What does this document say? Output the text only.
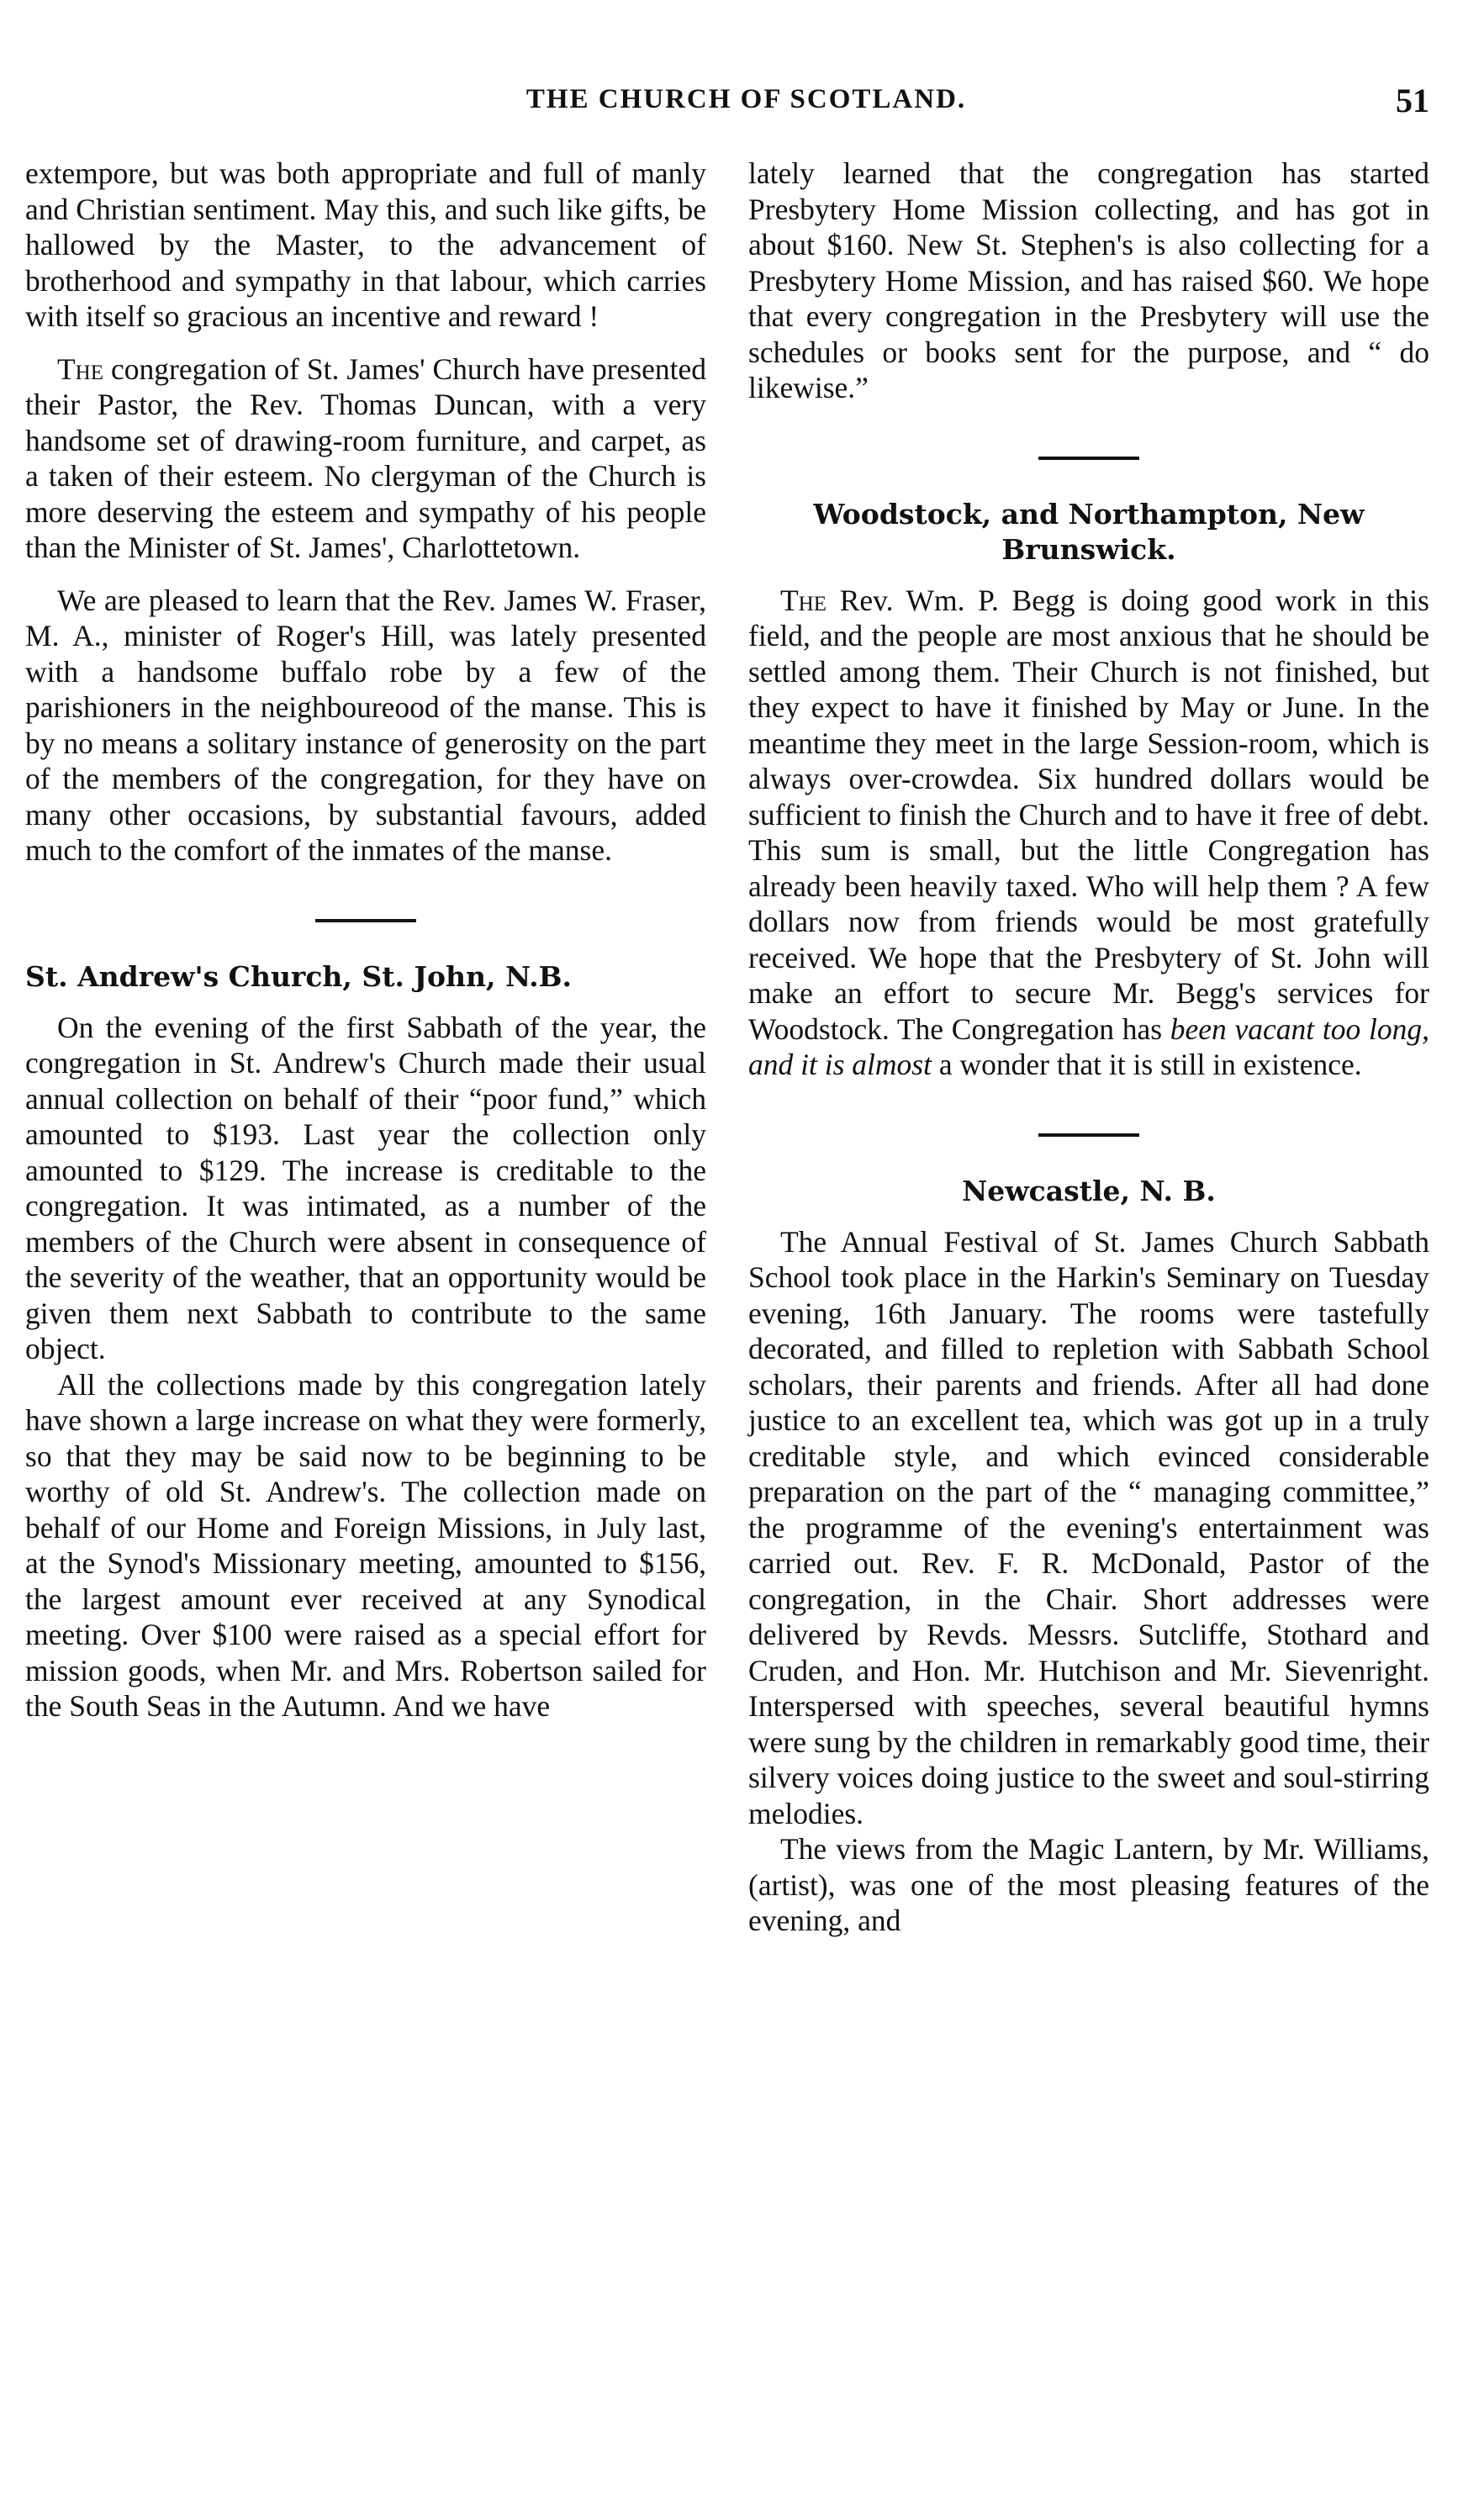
THE CHURCH OF SCOTLAND.	51

extempore, but was both appropriate and full of manly and Christian sentiment. May this, and such like gifts, be hallowed by the Master, to the advancement of brotherhood and sympathy in that labour, which carries with itself so gracious an incentive and reward !

The congregation of St. James' Church have presented their Pastor, the Rev. Thomas Duncan, with a very handsome set of drawing-room furniture, and carpet, as a taken of their esteem. No clergyman of the Church is more deserving the esteem and sympathy of his people than the Minister of St. James', Charlottetown.

We are pleased to learn that the Rev. James W. Fraser, M. A., minister of Roger's Hill, was lately presented with a handsome buffalo robe by a few of the parishioners in the neighboureood of the manse. This is by no means a solitary instance of generosity on the part of the members of the congregation, for they have on many other occasions, by substantial favours, added much to the comfort of the inmates of the manse.

St. Andrew's Church, St. John, N.B.

On the evening of the first Sabbath of the year, the congregation in St. Andrew's Church made their usual annual collection on behalf of their “poor fund,” which amounted to $193. Last year the collection only amounted to $129. The increase is creditable to the congregation. It was intimated, as a number of the members of the Church were absent in consequence of the severity of the weather, that an opportunity would be given them next Sabbath to contribute to the same object.

All the collections made by this congregation lately have shown a large increase on what they were formerly, so that they may be said now to be beginning to be worthy of old St. Andrew's. The collection made on behalf of our Home and Foreign Missions, in July last, at the Synod's Missionary meeting, amounted to $156, the largest amount ever received at any Synodical meeting. Over $100 were raised as a special effort for mission goods, when Mr. and Mrs. Robertson sailed for the South Seas in the Autumn. And we have

lately learned that the congregation has started Presbytery Home Mission collecting, and has got in about $160. New St. Stephen's is also collecting for a Presbytery Home Mission, and has raised $60. We hope that every congregation in the Presbytery will use the schedules or books sent for the purpose, and “ do likewise.”

Woodstock, and Northampton, New Brunswick.

The Rev. Wm. P. Begg is doing good work in this field, and the people are most anxious that he should be settled among them. Their Church is not finished, but they expect to have it finished by May or June. In the meantime they meet in the large Session-room, which is always over-crowdea. Six hundred dollars would be sufficient to finish the Church and to have it free of debt. This sum is small, but the little Congregation has already been heavily taxed. Who will help them ? A few dollars now from friends would be most gratefully received. We hope that the Presbytery of St. John will make an effort to secure Mr. Begg's services for Woodstock. The Congregation has been vacant too long, and it is almost a wonder that it is still in existence.

Newcastle, N. B.

The Annual Festival of St. James Church Sabbath School took place in the Harkin's Seminary on Tuesday evening, 16th January. The rooms were tastefully decorated, and filled to repletion with Sabbath School scholars, their parents and friends. After all had done justice to an excellent tea, which was got up in a truly creditable style, and which evinced considerable preparation on the part of the “ managing committee,” the programme of the evening's entertainment was carried out. Rev. F. R. McDonald, Pastor of the congregation, in the Chair. Short addresses were delivered by Revds. Messrs. Sutcliffe, Stothard and Cruden, and Hon. Mr. Hutchison and Mr. Sievenright. Interspersed with speeches, several beautiful hymns were sung by the children in remarkably good time, their silvery voices doing justice to the sweet and soul-stirring melodies.

The views from the Magic Lantern, by Mr. Williams, (artist), was one of the most pleasing features of the evening, and
